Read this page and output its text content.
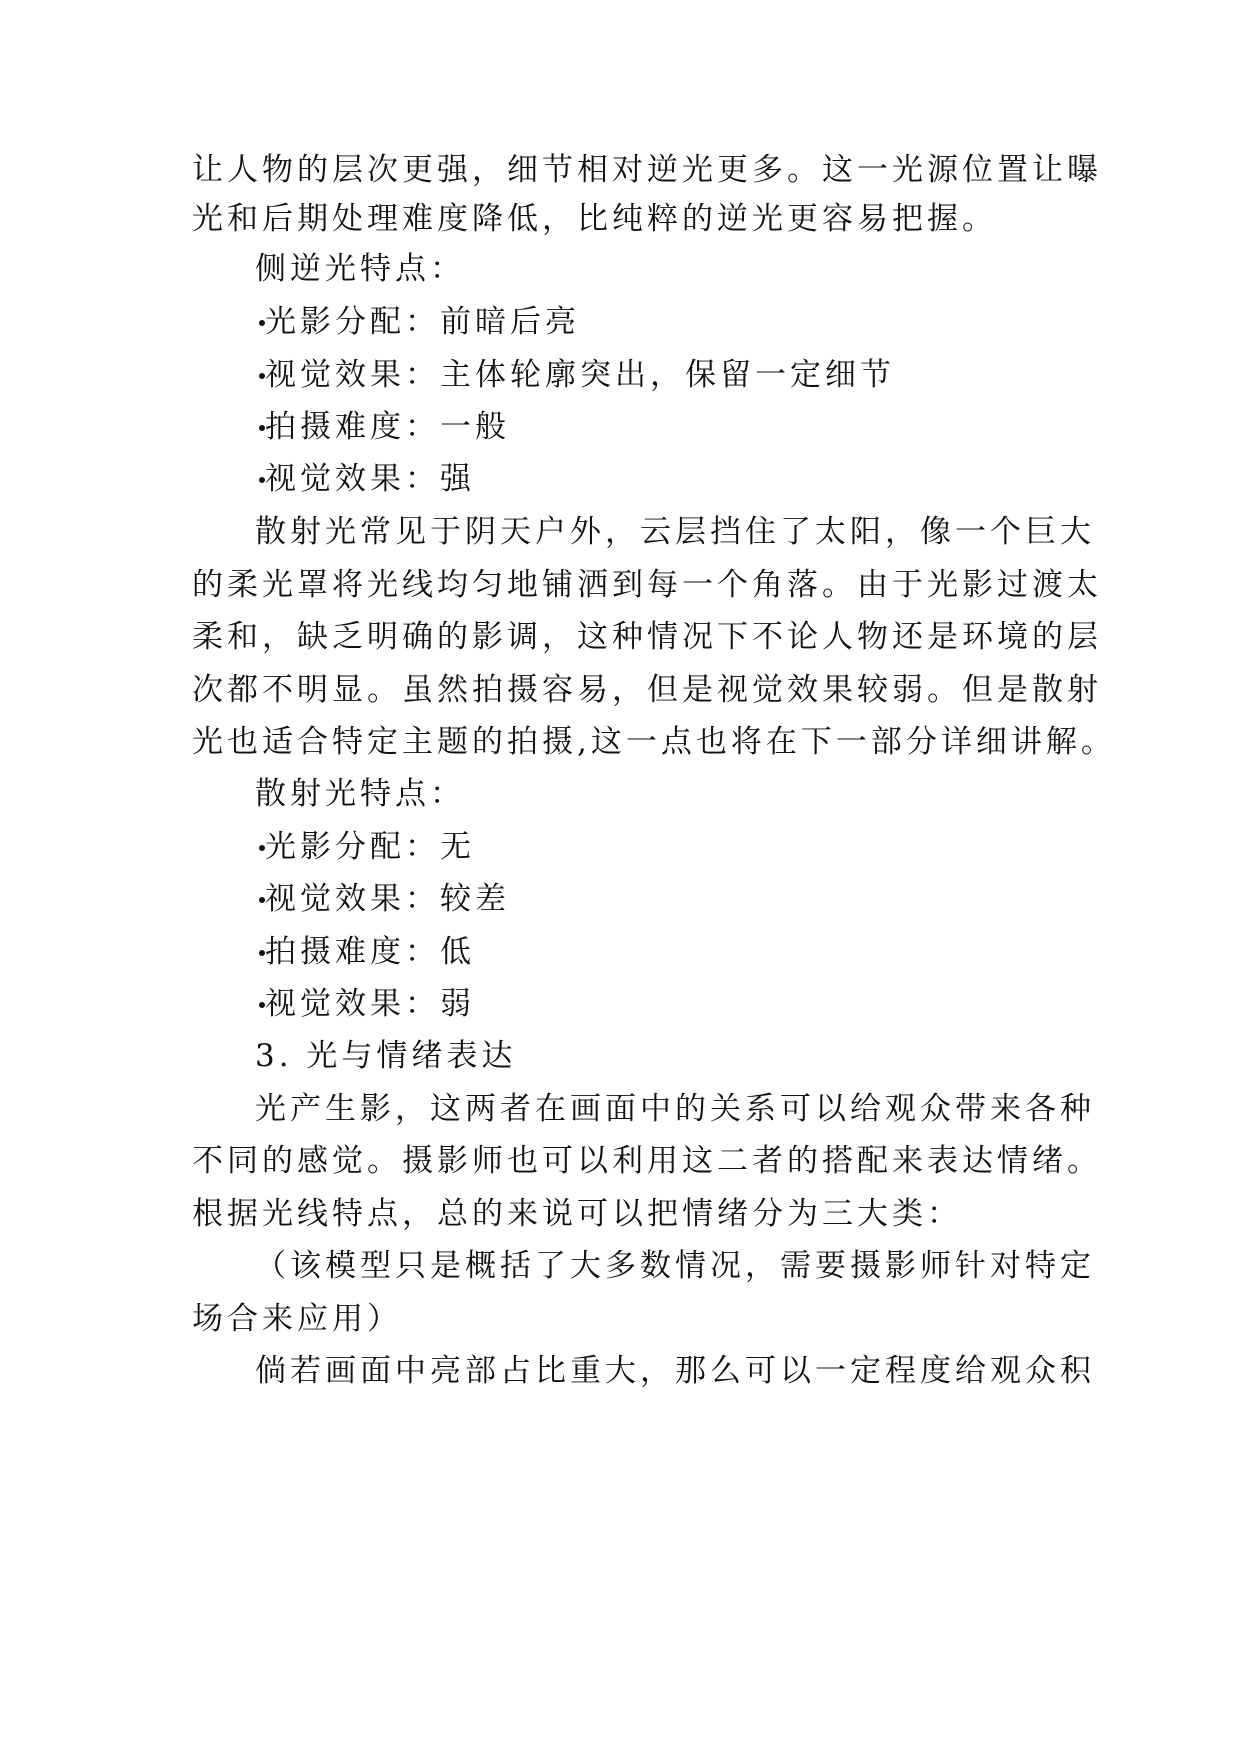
让人物的层次更强，细节相对逆光更多。这一光源位置让曝
光和后期处理难度降低，比纯粹的逆光更容易把握。
侧逆光特点：
光影分配：前暗后亮
视觉效果：主体轮廓突出，保留一定细节
拍摄难度：一般
视觉效果：强
散射光常见于阴天户外，云层挡住了太阳，像一个巨大
的柔光罩将光线均匀地铺洒到每一个角落。由于光影过渡太
柔和，缺乏明确的影调，这种情况下不论人物还是环境的层
次都不明显。虽然拍摄容易，但是视觉效果较弱。但是散射
光也适合特定主题的拍摄,这一点也将在下一部分详细讲解。
散射光特点：
光影分配：无
视觉效果：较差
拍摄难度：低
视觉效果：弱
3. 光与情绪表达
光产生影，这两者在画面中的关系可以给观众带来各种
不同的感觉。摄影师也可以利用这二者的搭配来表达情绪。
根据光线特点，总的来说可以把情绪分为三大类：
（该模型只是概括了大多数情况，需要摄影师针对特定
场合来应用）
倘若画面中亮部占比重大，那么可以一定程度给观众积
